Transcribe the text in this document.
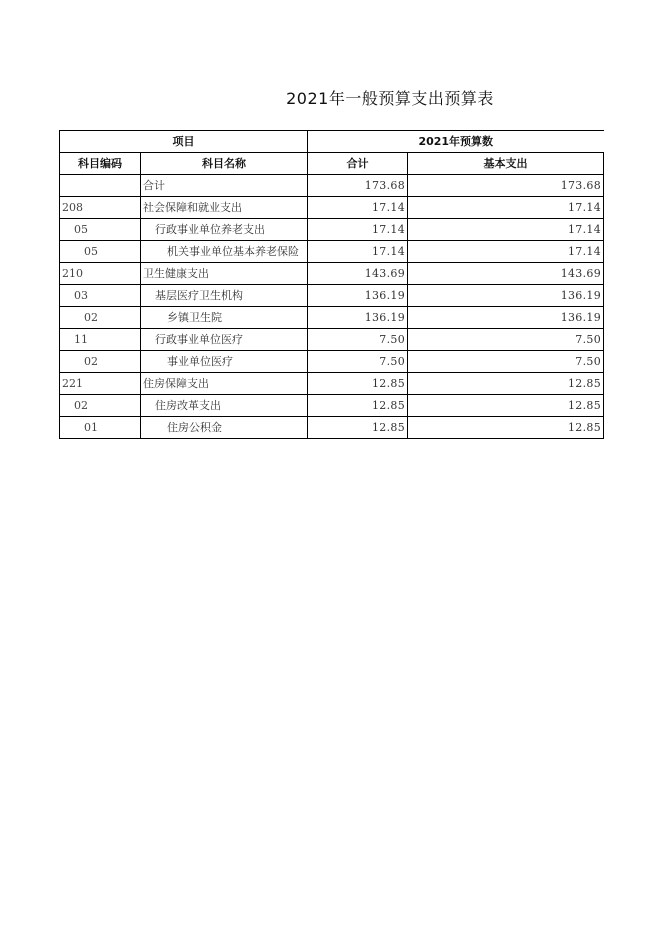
2021年一般预算支出预算表
项目		2021年预算数	
科目编码	科目名称	合计	基本支出
	合计	173.68	173.68
208	社会保障和就业支出	17.14	17.14
05	行政事业单位养老支出	17.14	17.14
05	机关事业单位基本养老保险	17.14	17.14
210	卫生健康支出	143.69	143.69
03	基层医疗卫生机构	136.19	136.19
02	乡镇卫生院	136.19	136.19
11	行政事业单位医疗	7.50	7.50
02	事业单位医疗	7.50	7.50
221	住房保障支出	12.85	12.85
02	住房改革支出	12.85	12.85
01	住房公积金	12.85	12.85
